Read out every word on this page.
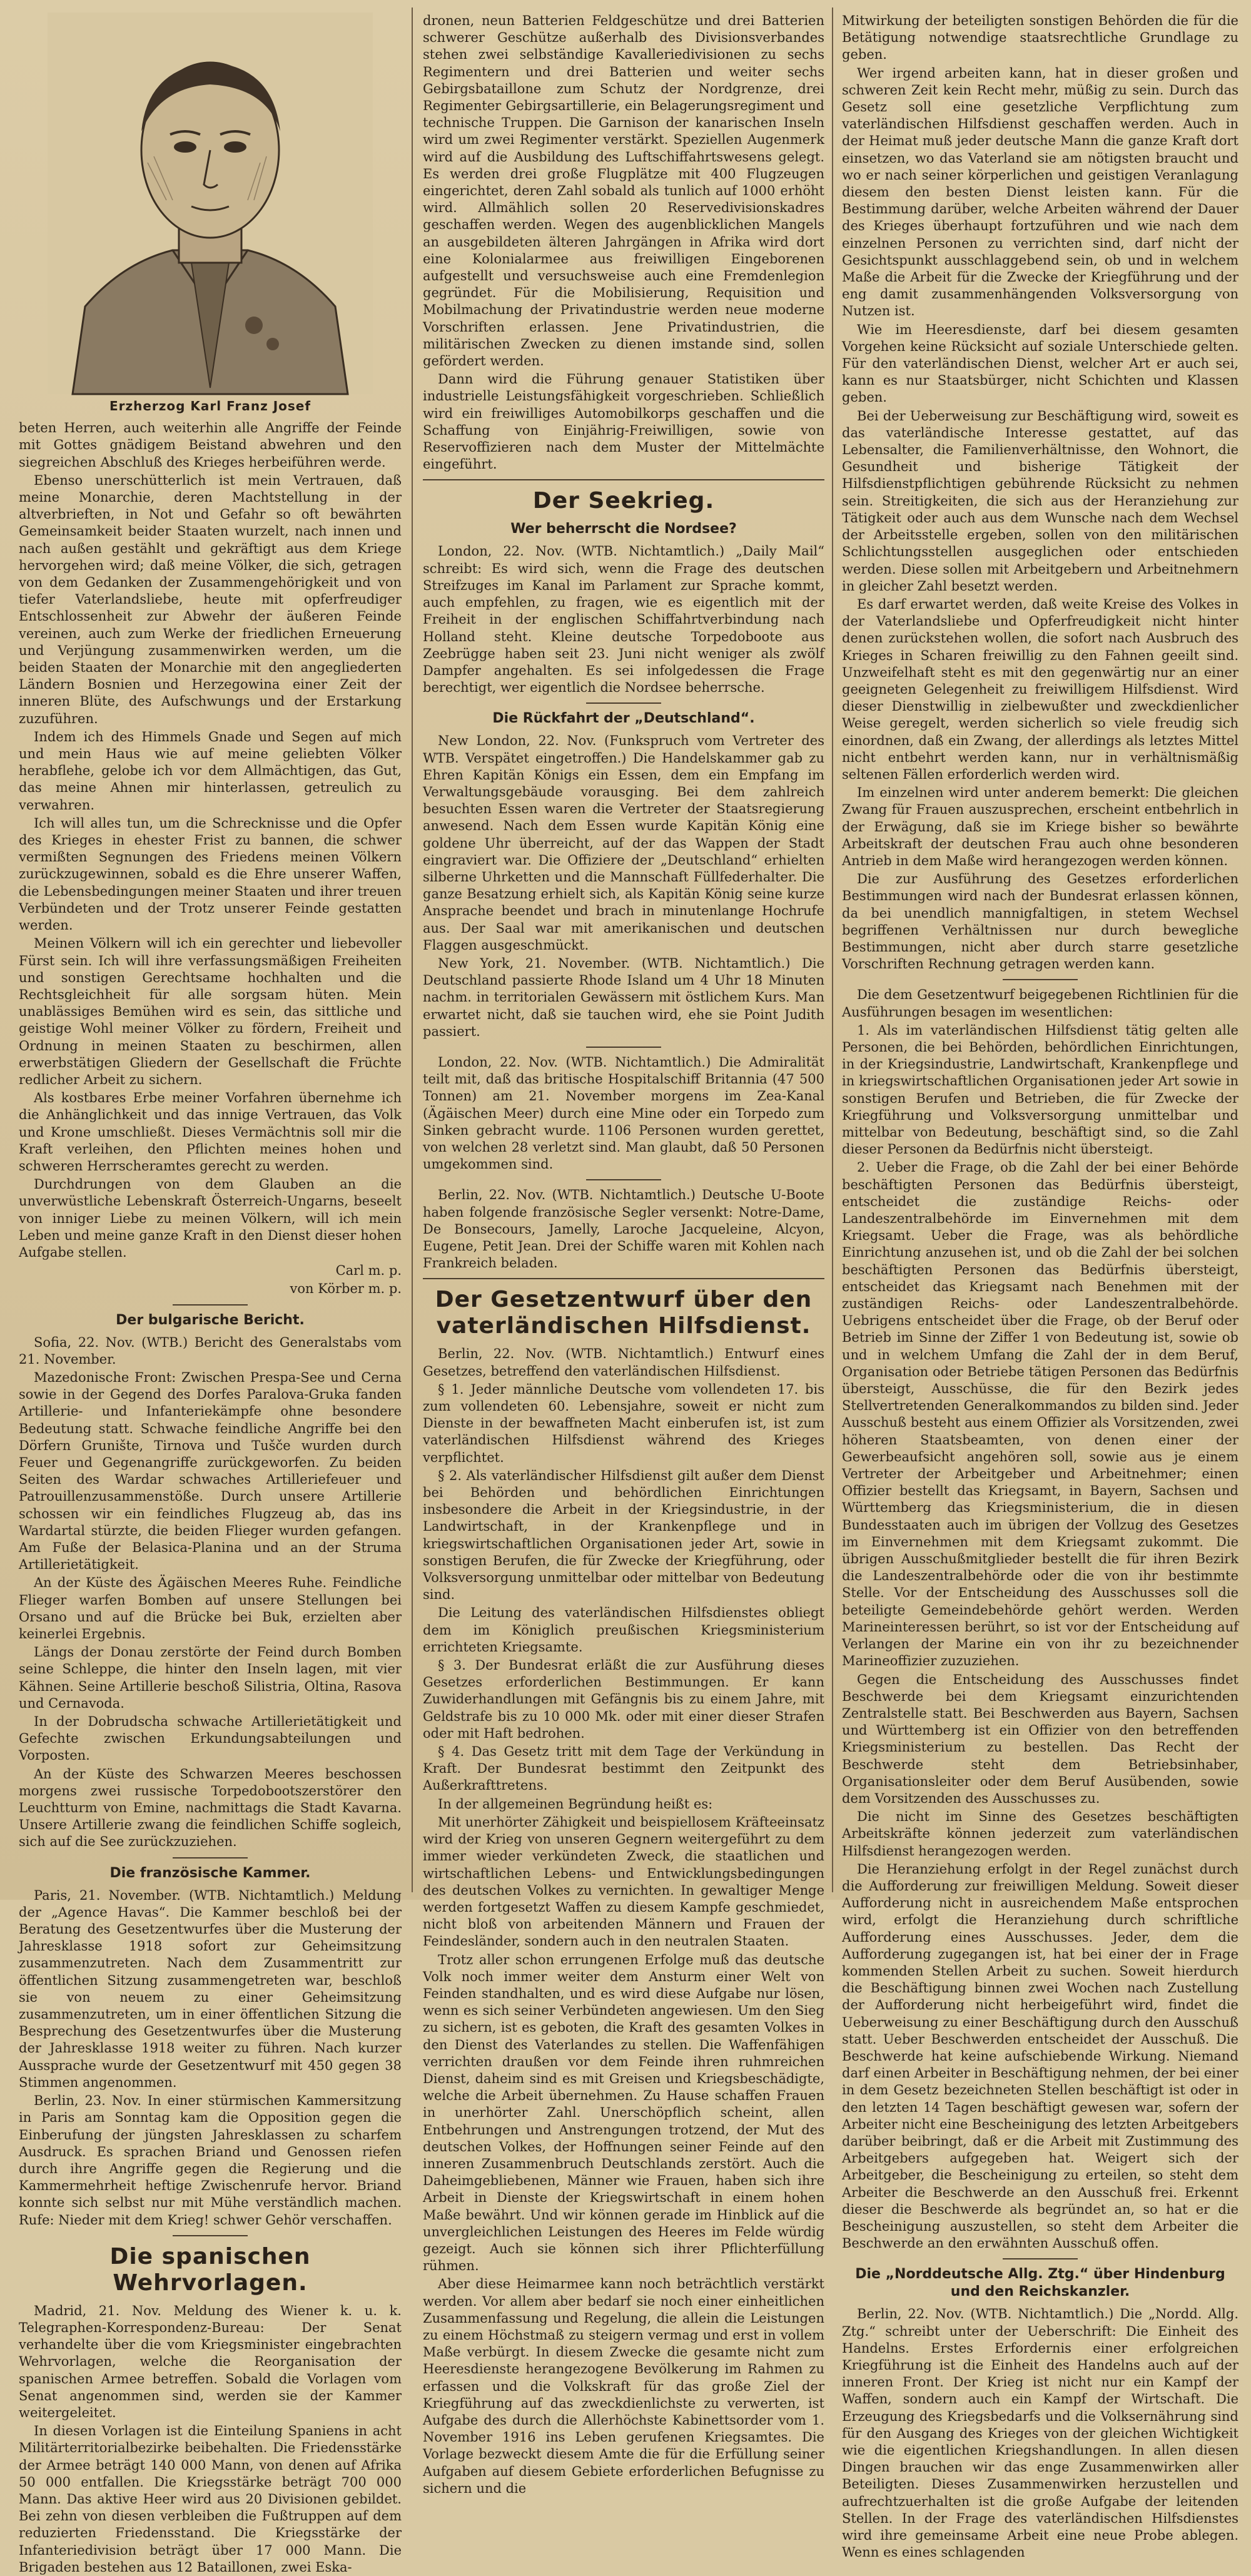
Erzherzog Karl Franz Josef

beten Herren, auch weiterhin alle Angriffe der Feinde mit Gottes gnädigem Beistand abwehren und den siegreichen Abschluß des Krieges herbeiführen werde.

Ebenso unerschütterlich ist mein Vertrauen, daß meine Monarchie, deren Machtstellung in der altverbrieften, in Not und Gefahr so oft bewährten Gemeinsamkeit beider Staaten wurzelt, nach innen und nach außen gestählt und gekräftigt aus dem Kriege hervorgehen wird; daß meine Völker, die sich, getragen von dem Gedanken der Zusammengehörigkeit und von tiefer Vaterlandsliebe, heute mit opferfreudiger Entschlossenheit zur Abwehr der äußeren Feinde vereinen, auch zum Werke der friedlichen Erneuerung und Verjüngung zusammenwirken werden, um die beiden Staaten der Monarchie mit den angegliederten Ländern Bosnien und Herzegowina einer Zeit der inneren Blüte, des Aufschwungs und der Erstarkung zuzuführen.

Indem ich des Himmels Gnade und Segen auf mich und mein Haus wie auf meine geliebten Völker herabflehe, gelobe ich vor dem Allmächtigen, das Gut, das meine Ahnen mir hinterlassen, getreulich zu verwahren.

Ich will alles tun, um die Schrecknisse und die Opfer des Krieges in ehester Frist zu bannen, die schwer vermißten Segnungen des Friedens meinen Völkern zurückzugewinnen, sobald es die Ehre unserer Waffen, die Lebensbedingungen meiner Staaten und ihrer treuen Verbündeten und der Trotz unserer Feinde gestatten werden.

Meinen Völkern will ich ein gerechter und liebevoller Fürst sein. Ich will ihre verfassungsmäßigen Freiheiten und sonstigen Gerechtsame hochhalten und die Rechtsgleichheit für alle sorgsam hüten. Mein unablässiges Bemühen wird es sein, das sittliche und geistige Wohl meiner Völker zu fördern, Freiheit und Ordnung in meinen Staaten zu beschirmen, allen erwerbstätigen Gliedern der Gesellschaft die Früchte redlicher Arbeit zu sichern.

Als kostbares Erbe meiner Vorfahren übernehme ich die Anhänglichkeit und das innige Vertrauen, das Volk und Krone umschließt. Dieses Vermächtnis soll mir die Kraft verleihen, den Pflichten meines hohen und schweren Herrscheramtes gerecht zu werden.

Durchdrungen von dem Glauben an die unverwüstliche Lebenskraft Österreich-Ungarns, beseelt von inniger Liebe zu meinen Völkern, will ich mein Leben und meine ganze Kraft in den Dienst dieser hohen Aufgabe stellen.

Carl m. p.

von Körber m. p.

Der bulgarische Bericht.

Sofia, 22. Nov. (WTB.) Bericht des Generalstabs vom 21. November.

Mazedonische Front: Zwischen Prespa-See und Cerna sowie in der Gegend des Dorfes Paralova-Gruka fanden Artillerie- und Infanteriekämpfe ohne besondere Bedeutung statt. Schwache feindliche Angriffe bei den Dörfern Grunište, Tirnova und Tušče wurden durch Feuer und Gegenangriffe zurückgeworfen. Zu beiden Seiten des Wardar schwaches Artilleriefeuer und Patrouillenzusammenstöße. Durch unsere Artillerie schossen wir ein feindliches Flugzeug ab, das ins Wardartal stürzte, die beiden Flieger wurden gefangen. Am Fuße der Belasica-Planina und an der Struma Artillerietätigkeit.

An der Küste des Ägäischen Meeres Ruhe. Feindliche Flieger warfen Bomben auf unsere Stellungen bei Orsano und auf die Brücke bei Buk, erzielten aber keinerlei Ergebnis.

Längs der Donau zerstörte der Feind durch Bomben seine Schleppe, die hinter den Inseln lagen, mit vier Kähnen. Seine Artillerie beschoß Silistria, Oltina, Rasova und Cernavoda.

In der Dobrudscha schwache Artillerietätigkeit und Gefechte zwischen Erkundungsabteilungen und Vorposten.

An der Küste des Schwarzen Meeres beschossen morgens zwei russische Torpedobootszerstörer den Leuchtturm von Emine, nachmittags die Stadt Kavarna. Unsere Artillerie zwang die feindlichen Schiffe sogleich, sich auf die See zurückzuziehen.

Die französische Kammer.

Paris, 21. November. (WTB. Nichtamtlich.) Meldung der „Agence Havas“. Die Kammer beschloß bei der Beratung des Gesetzentwurfes über die Musterung der Jahresklasse 1918 sofort zur Geheimsitzung zusammenzutreten. Nach dem Zusammentritt zur öffentlichen Sitzung zusammengetreten war, beschloß sie von neuem zu einer Geheimsitzung zusammenzutreten, um in einer öffentlichen Sitzung die Besprechung des Gesetzentwurfes über die Musterung der Jahresklasse 1918 weiter zu führen. Nach kurzer Aussprache wurde der Gesetzentwurf mit 450 gegen 38 Stimmen angenommen.

Berlin, 23. Nov. In einer stürmischen Kammersitzung in Paris am Sonntag kam die Opposition gegen die Einberufung der jüngsten Jahresklassen zu scharfem Ausdruck. Es sprachen Briand und Genossen riefen durch ihre Angriffe gegen die Regierung und die Kammermehrheit heftige Zwischenrufe hervor. Briand konnte sich selbst nur mit Mühe verständlich machen. Rufe: Nieder mit dem Krieg! schwer Gehör verschaffen.

Die spanischen Wehrvorlagen.

Madrid, 21. Nov. Meldung des Wiener k. u. k. Telegraphen-Korrespondenz-Bureau: Der Senat verhandelte über die vom Kriegsminister eingebrachten Wehrvorlagen, welche die Reorganisation der spanischen Armee betreffen. Sobald die Vorlagen vom Senat angenommen sind, werden sie der Kammer weitergeleitet.

In diesen Vorlagen ist die Einteilung Spaniens in acht Militärterritorialbezirke beibehalten. Die Friedensstärke der Armee beträgt 140 000 Mann, von denen auf Afrika 50 000 entfallen. Die Kriegsstärke beträgt 700 000 Mann. Das aktive Heer wird aus 20 Divisionen gebildet. Bei zehn von diesen verbleiben die Fußtruppen auf dem reduzierten Friedensstand. Die Kriegsstärke der Infanteriedivision beträgt über 17 000 Mann. Die Brigaden bestehen aus 12 Bataillonen, zwei Eska-

dronen, neun Batterien Feldgeschütze und drei Batterien schwerer Geschütze außerhalb des Divisionsverbandes stehen zwei selbständige Kavalleriedivisionen zu sechs Regimentern und drei Batterien und weiter sechs Gebirgsbataillone zum Schutz der Nordgrenze, drei Regimenter Gebirgsartillerie, ein Belagerungsregiment und technische Truppen. Die Garnison der kanarischen Inseln wird um zwei Regimenter verstärkt. Speziellen Augenmerk wird auf die Ausbildung des Luftschiffahrtswesens gelegt. Es werden drei große Flugplätze mit 400 Flugzeugen eingerichtet, deren Zahl sobald als tunlich auf 1000 erhöht wird. Allmählich sollen 20 Reservedivisionskadres geschaffen werden. Wegen des augenblicklichen Mangels an ausgebildeten älteren Jahrgängen in Afrika wird dort eine Kolonialarmee aus freiwilligen Eingeborenen aufgestellt und versuchsweise auch eine Fremdenlegion gegründet. Für die Mobilisierung, Requisition und Mobilmachung der Privatindustrie werden neue moderne Vorschriften erlassen. Jene Privatindustrien, die militärischen Zwecken zu dienen imstande sind, sollen gefördert werden.

Dann wird die Führung genauer Statistiken über industrielle Leistungsfähigkeit vorgeschrieben. Schließlich wird ein freiwilliges Automobilkorps geschaffen und die Schaffung von Einjährig-Freiwilligen, sowie von Reservoffizieren nach dem Muster der Mittelmächte eingeführt.

Der Seekrieg.
Wer beherrscht die Nordsee?

London, 22. Nov. (WTB. Nichtamtlich.) „Daily Mail“ schreibt: Es wird sich, wenn die Frage des deutschen Streifzuges im Kanal im Parlament zur Sprache kommt, auch empfehlen, zu fragen, wie es eigentlich mit der Freiheit in der englischen Schiffahrtverbindung nach Holland steht. Kleine deutsche Torpedoboote aus Zeebrügge haben seit 23. Juni nicht weniger als zwölf Dampfer angehalten. Es sei infolgedessen die Frage berechtigt, wer eigentlich die Nordsee beherrsche.

Die Rückfahrt der „Deutschland“.

New London, 22. Nov. (Funkspruch vom Vertreter des WTB. Verspätet eingetroffen.) Die Handelskammer gab zu Ehren Kapitän Königs ein Essen, dem ein Empfang im Verwaltungsgebäude vorausging. Bei dem zahlreich besuchten Essen waren die Vertreter der Staatsregierung anwesend. Nach dem Essen wurde Kapitän König eine goldene Uhr überreicht, auf der das Wappen der Stadt eingraviert war. Die Offiziere der „Deutschland“ erhielten silberne Uhrketten und die Mannschaft Füllfederhalter. Die ganze Besatzung erhielt sich, als Kapitän König seine kurze Ansprache beendet und brach in minutenlange Hochrufe aus. Der Saal war mit amerikanischen und deutschen Flaggen ausgeschmückt.

New York, 21. November. (WTB. Nichtamtlich.) Die Deutschland passierte Rhode Island um 4 Uhr 18 Minuten nachm. in territorialen Gewässern mit östlichem Kurs. Man erwartet nicht, daß sie tauchen wird, ehe sie Point Judith passiert.

London, 22. Nov. (WTB. Nichtamtlich.) Die Admiralität teilt mit, daß das britische Hospitalschiff Britannia (47 500 Tonnen) am 21. November morgens im Zea-Kanal (Ägäischen Meer) durch eine Mine oder ein Torpedo zum Sinken gebracht wurde. 1106 Personen wurden gerettet, von welchen 28 verletzt sind. Man glaubt, daß 50 Personen umgekommen sind.

Berlin, 22. Nov. (WTB. Nichtamtlich.) Deutsche U-Boote haben folgende französische Segler versenkt: Notre-Dame, De Bonsecours, Jamelly, Laroche Jacqueleine, Alcyon, Eugene, Petit Jean. Drei der Schiffe waren mit Kohlen nach Frankreich beladen.

Der Gesetzentwurf über den vaterländischen Hilfsdienst.

Berlin, 22. Nov. (WTB. Nichtamtlich.) Entwurf eines Gesetzes, betreffend den vaterländischen Hilfsdienst.

§ 1. Jeder männliche Deutsche vom vollendeten 17. bis zum vollendeten 60. Lebensjahre, soweit er nicht zum Dienste in der bewaffneten Macht einberufen ist, ist zum vaterländischen Hilfsdienst während des Krieges verpflichtet.

§ 2. Als vaterländischer Hilfsdienst gilt außer dem Dienst bei Behörden und behördlichen Einrichtungen insbesondere die Arbeit in der Kriegsindustrie, in der Landwirtschaft, in der Krankenpflege und in kriegswirtschaftlichen Organisationen jeder Art, sowie in sonstigen Berufen, die für Zwecke der Kriegführung, oder Volksversorgung unmittelbar oder mittelbar von Bedeutung sind.

Die Leitung des vaterländischen Hilfsdienstes obliegt dem im Königlich preußischen Kriegsministerium errichteten Kriegsamte.

§ 3. Der Bundesrat erläßt die zur Ausführung dieses Gesetzes erforderlichen Bestimmungen. Er kann Zuwiderhandlungen mit Gefängnis bis zu einem Jahre, mit Geldstrafe bis zu 10 000 Mk. oder mit einer dieser Strafen oder mit Haft bedrohen.

§ 4. Das Gesetz tritt mit dem Tage der Verkündung in Kraft. Der Bundesrat bestimmt den Zeitpunkt des Außerkrafttretens.

In der allgemeinen Begründung heißt es:

Mit unerhörter Zähigkeit und beispiellosem Kräfteeinsatz wird der Krieg von unseren Gegnern weitergeführt zu dem immer wieder verkündeten Zweck, die staatlichen und wirtschaftlichen Lebens- und Entwicklungsbedingungen des deutschen Volkes zu vernichten. In gewaltiger Menge werden fortgesetzt Waffen zu diesem Kampfe geschmiedet, nicht bloß von arbeitenden Männern und Frauen der Feindesländer, sondern auch in den neutralen Staaten.

Trotz aller schon errungenen Erfolge muß das deutsche Volk noch immer weiter dem Ansturm einer Welt von Feinden standhalten, und es wird diese Aufgabe nur lösen, wenn es sich seiner Verbündeten angewiesen. Um den Sieg zu sichern, ist es geboten, die Kraft des gesamten Volkes in den Dienst des Vaterlandes zu stellen. Die Waffenfähigen verrichten draußen vor dem Feinde ihren ruhmreichen Dienst, daheim sind es mit Greisen und Kriegsbeschädigte, welche die Arbeit übernehmen. Zu Hause schaffen Frauen in unerhörter Zahl. Unerschöpflich scheint, allen Entbehrungen und Anstrengungen trotzend, der Mut des deutschen Volkes, der Hoffnungen seiner Feinde auf den inneren Zusammenbruch Deutschlands zerstört. Auch die Daheimgebliebenen, Männer wie Frauen, haben sich ihre Arbeit in Dienste der Kriegswirtschaft in einem hohen Maße bewährt. Und wir können gerade im Hinblick auf die unvergleichlichen Leistungen des Heeres im Felde würdig gezeigt. Auch sie können sich ihrer Pflichterfüllung rühmen.

Aber diese Heimarmee kann noch beträchtlich verstärkt werden. Vor allem aber bedarf sie noch einer einheitlichen Zusammenfassung und Regelung, die allein die Leistungen zu einem Höchstmaß zu steigern vermag und erst in vollem Maße verbürgt. In diesem Zwecke die gesamte nicht zum Heeresdienste herangezogene Bevölkerung im Rahmen zu erfassen und die Volkskraft für das große Ziel der Kriegführung auf das zweckdienlichste zu verwerten, ist Aufgabe des durch die Allerhöchste Kabinettsorder vom 1. November 1916 ins Leben gerufenen Kriegsamtes. Die Vorlage bezweckt diesem Amte die für die Erfüllung seiner Aufgaben auf diesem Gebiete erforderlichen Befugnisse zu sichern und die

Mitwirkung der beteiligten sonstigen Behörden die für die Betätigung notwendige staatsrechtliche Grundlage zu geben.

Wer irgend arbeiten kann, hat in dieser großen und schweren Zeit kein Recht mehr, müßig zu sein. Durch das Gesetz soll eine gesetzliche Verpflichtung zum vaterländischen Hilfsdienst geschaffen werden. Auch in der Heimat muß jeder deutsche Mann die ganze Kraft dort einsetzen, wo das Vaterland sie am nötigsten braucht und wo er nach seiner körperlichen und geistigen Veranlagung diesem den besten Dienst leisten kann. Für die Bestimmung darüber, welche Arbeiten während der Dauer des Krieges überhaupt fortzuführen und wie nach dem einzelnen Personen zu verrichten sind, darf nicht der Gesichtspunkt ausschlaggebend sein, ob und in welchem Maße die Arbeit für die Zwecke der Kriegführung und der eng damit zusammenhängenden Volksversorgung von Nutzen ist.

Wie im Heeresdienste, darf bei diesem gesamten Vorgehen keine Rücksicht auf soziale Unterschiede gelten. Für den vaterländischen Dienst, welcher Art er auch sei, kann es nur Staatsbürger, nicht Schichten und Klassen geben.

Bei der Ueberweisung zur Beschäftigung wird, soweit es das vaterländische Interesse gestattet, auf das Lebensalter, die Familienverhältnisse, den Wohnort, die Gesundheit und bisherige Tätigkeit der Hilfsdienstpflichtigen gebührende Rücksicht zu nehmen sein. Streitigkeiten, die sich aus der Heranziehung zur Tätigkeit oder auch aus dem Wunsche nach dem Wechsel der Arbeitsstelle ergeben, sollen von den militärischen Schlichtungsstellen ausgeglichen oder entschieden werden. Diese sollen mit Arbeitgebern und Arbeitnehmern in gleicher Zahl besetzt werden.

Es darf erwartet werden, daß weite Kreise des Volkes in der Vaterlandsliebe und Opferfreudigkeit nicht hinter denen zurückstehen wollen, die sofort nach Ausbruch des Krieges in Scharen freiwillig zu den Fahnen geeilt sind. Unzweifelhaft steht es mit den gegenwärtig nur an einer geeigneten Gelegenheit zu freiwilligem Hilfsdienst. Wird dieser Dienstwillig in zielbewußter und zweckdienlicher Weise geregelt, werden sicherlich so viele freudig sich einordnen, daß ein Zwang, der allerdings als letztes Mittel nicht entbehrt werden kann, nur in verhältnismäßig seltenen Fällen erforderlich werden wird.

Im einzelnen wird unter anderem bemerkt: Die gleichen Zwang für Frauen auszusprechen, erscheint entbehrlich in der Erwägung, daß sie im Kriege bisher so bewährte Arbeitskraft der deutschen Frau auch ohne besonderen Antrieb in dem Maße wird herangezogen werden können.

Die zur Ausführung des Gesetzes erforderlichen Bestimmungen wird nach der Bundesrat erlassen können, da bei unendlich mannigfaltigen, in stetem Wechsel begriffenen Verhältnissen nur durch bewegliche Bestimmungen, nicht aber durch starre gesetzliche Vorschriften Rechnung getragen werden kann.

Die dem Gesetzentwurf beigegebenen Richtlinien für die Ausführungen besagen im wesentlichen:

1. Als im vaterländischen Hilfsdienst tätig gelten alle Personen, die bei Behörden, behördlichen Einrichtungen, in der Kriegsindustrie, Landwirtschaft, Krankenpflege und in kriegswirtschaftlichen Organisationen jeder Art sowie in sonstigen Berufen und Betrieben, die für Zwecke der Kriegführung und Volksversorgung unmittelbar und mittelbar von Bedeutung, beschäftigt sind, so die Zahl dieser Personen da Bedürfnis nicht übersteigt.

2. Ueber die Frage, ob die Zahl der bei einer Behörde beschäftigten Personen das Bedürfnis übersteigt, entscheidet die zuständige Reichs- oder Landeszentralbehörde im Einvernehmen mit dem Kriegsamt. Ueber die Frage, was als behördliche Einrichtung anzusehen ist, und ob die Zahl der bei solchen beschäftigten Personen das Bedürfnis übersteigt, entscheidet das Kriegsamt nach Benehmen mit der zuständigen Reichs- oder Landeszentralbehörde. Uebrigens entscheidet über die Frage, ob der Beruf oder Betrieb im Sinne der Ziffer 1 von Bedeutung ist, sowie ob und in welchem Umfang die Zahl der in dem Beruf, Organisation oder Betriebe tätigen Personen das Bedürfnis übersteigt, Ausschüsse, die für den Bezirk jedes Stellvertretenden Generalkommandos zu bilden sind. Jeder Ausschuß besteht aus einem Offizier als Vorsitzenden, zwei höheren Staatsbeamten, von denen einer der Gewerbeaufsicht angehören soll, sowie aus je einem Vertreter der Arbeitgeber und Arbeitnehmer; einen Offizier bestellt das Kriegsamt, in Bayern, Sachsen und Württemberg das Kriegsministerium, die in diesen Bundesstaaten auch im übrigen der Vollzug des Gesetzes im Einvernehmen mit dem Kriegsamt zukommt. Die übrigen Ausschußmitglieder bestellt die für ihren Bezirk die Landeszentralbehörde oder die von ihr bestimmte Stelle. Vor der Entscheidung des Ausschusses soll die beteiligte Gemeindebehörde gehört werden. Werden Marineinteressen berührt, so ist vor der Entscheidung auf Verlangen der Marine ein von ihr zu bezeichnender Marineoffizier zuzuziehen.

Gegen die Entscheidung des Ausschusses findet Beschwerde bei dem Kriegsamt einzurichtenden Zentralstelle statt. Bei Beschwerden aus Bayern, Sachsen und Württemberg ist ein Offizier von den betreffenden Kriegsministerium zu bestellen. Das Recht der Beschwerde steht dem Betriebsinhaber, Organisationsleiter oder dem Beruf Ausübenden, sowie dem Vorsitzenden des Ausschusses zu.

Die nicht im Sinne des Gesetzes beschäftigten Arbeitskräfte können jederzeit zum vaterländischen Hilfsdienst herangezogen werden.

Die Heranziehung erfolgt in der Regel zunächst durch die Aufforderung zur freiwilligen Meldung. Soweit dieser Aufforderung nicht in ausreichendem Maße entsprochen wird, erfolgt die Heranziehung durch schriftliche Aufforderung eines Ausschusses. Jeder, dem die Aufforderung zugegangen ist, hat bei einer der in Frage kommenden Stellen Arbeit zu suchen. Soweit hierdurch die Beschäftigung binnen zwei Wochen nach Zustellung der Aufforderung nicht herbeigeführt wird, findet die Ueberweisung zu einer Beschäftigung durch den Ausschuß statt. Ueber Beschwerden entscheidet der Ausschuß. Die Beschwerde hat keine aufschiebende Wirkung. Niemand darf einen Arbeiter in Beschäftigung nehmen, der bei einer in dem Gesetz bezeichneten Stellen beschäftigt ist oder in den letzten 14 Tagen beschäftigt gewesen war, sofern der Arbeiter nicht eine Bescheinigung des letzten Arbeitgebers darüber beibringt, daß er die Arbeit mit Zustimmung des Arbeitgebers aufgegeben hat. Weigert sich der Arbeitgeber, die Bescheinigung zu erteilen, so steht dem Arbeiter die Beschwerde an den Ausschuß frei. Erkennt dieser die Beschwerde als begründet an, so hat er die Bescheinigung auszustellen, so steht dem Arbeiter die Beschwerde an den erwähnten Ausschuß offen.

Die „Norddeutsche Allg. Ztg.“ über Hindenburg und den Reichskanzler.

Berlin, 22. Nov. (WTB. Nichtamtlich.) Die „Nordd. Allg. Ztg.“ schreibt unter der Ueberschrift: Die Einheit des Handelns. Erstes Erfordernis einer erfolgreichen Kriegführung ist die Einheit des Handelns auch auf der inneren Front. Der Krieg ist nicht nur ein Kampf der Waffen, sondern auch ein Kampf der Wirtschaft. Die Erzeugung des Kriegsbedarfs und die Volksernährung sind für den Ausgang des Krieges von der gleichen Wichtigkeit wie die eigentlichen Kriegshandlungen. In allen diesen Dingen brauchen wir das enge Zusammenwirken aller Beteiligten. Dieses Zusammenwirken herzustellen und aufrechtzuerhalten ist die große Aufgabe der leitenden Stellen. In der Frage des vaterländischen Hilfsdienstes wird ihre gemeinsame Arbeit eine neue Probe ablegen. Wenn es eines schlagenden
